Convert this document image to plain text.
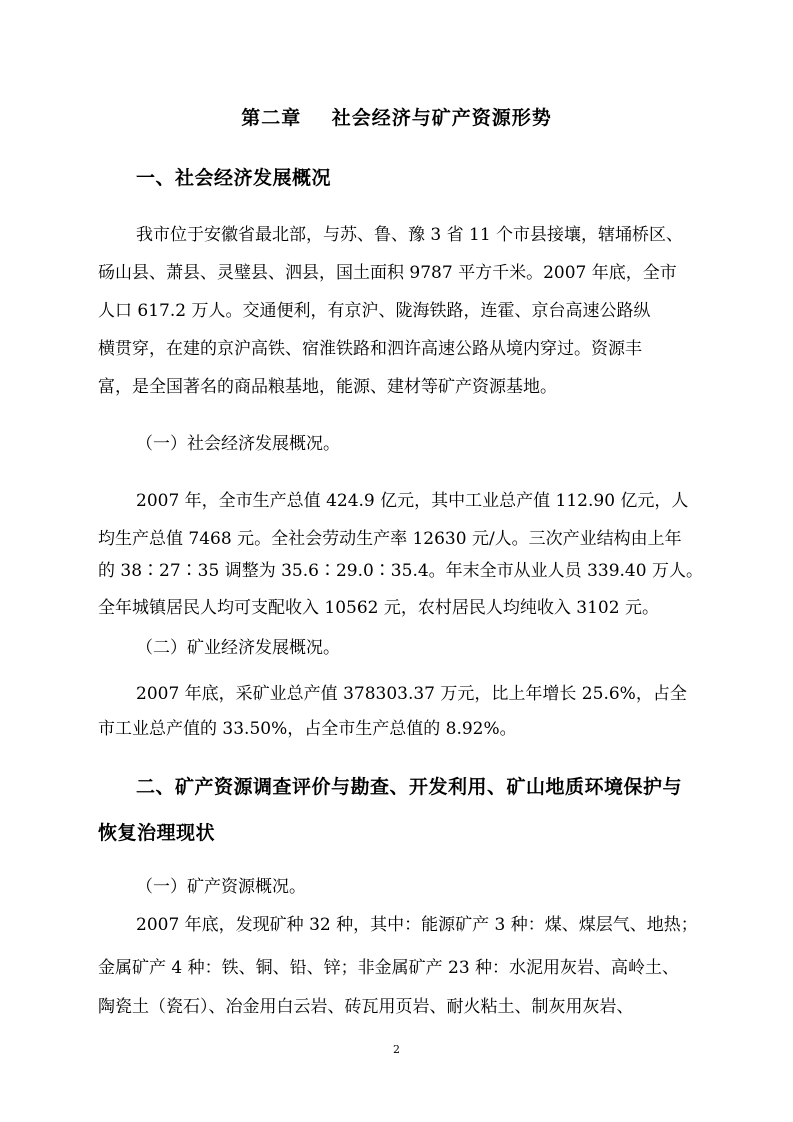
第二章    社会经济与矿产资源形势
一、社会经济发展概况
我市位于安徽省最北部，与苏、鲁、豫 3 省 11 个市县接壤，辖埇桥区、
砀山县、萧县、灵璧县、泗县，国土面积 9787 平方千米。2007 年底，全市
人口 617.2 万人。交通便利，有京沪、陇海铁路，连霍、京台高速公路纵
横贯穿，在建的京沪高铁、宿淮铁路和泗许高速公路从境内穿过。资源丰
富，是全国著名的商品粮基地，能源、建材等矿产资源基地。
（一）社会经济发展概况。
2007 年，全市生产总值 424.9 亿元，其中工业总产值 112.90 亿元，人
均生产总值 7468 元。全社会劳动生产率 12630 元/人。三次产业结构由上年
的 38∶27∶35 调整为 35.6∶29.0∶35.4。年末全市从业人员 339.40 万人。
全年城镇居民人均可支配收入 10562 元，农村居民人均纯收入 3102 元。
（二）矿业经济发展概况。
2007 年底，采矿业总产值 378303.37 万元，比上年增长 25.6%，占全
市工业总产值的 33.50%，占全市生产总值的 8.92%。
二、矿产资源调查评价与勘查、开发利用、矿山地质环境保护与
恢复治理现状
（一）矿产资源概况。
2007 年底，发现矿种 32 种，其中：能源矿产 3 种：煤、煤层气、地热；
金属矿产 4 种：铁、铜、铅、锌；非金属矿产 23 种：水泥用灰岩、高岭土、
陶瓷土（瓷石）、冶金用白云岩、砖瓦用页岩、耐火粘土、制灰用灰岩、
2
